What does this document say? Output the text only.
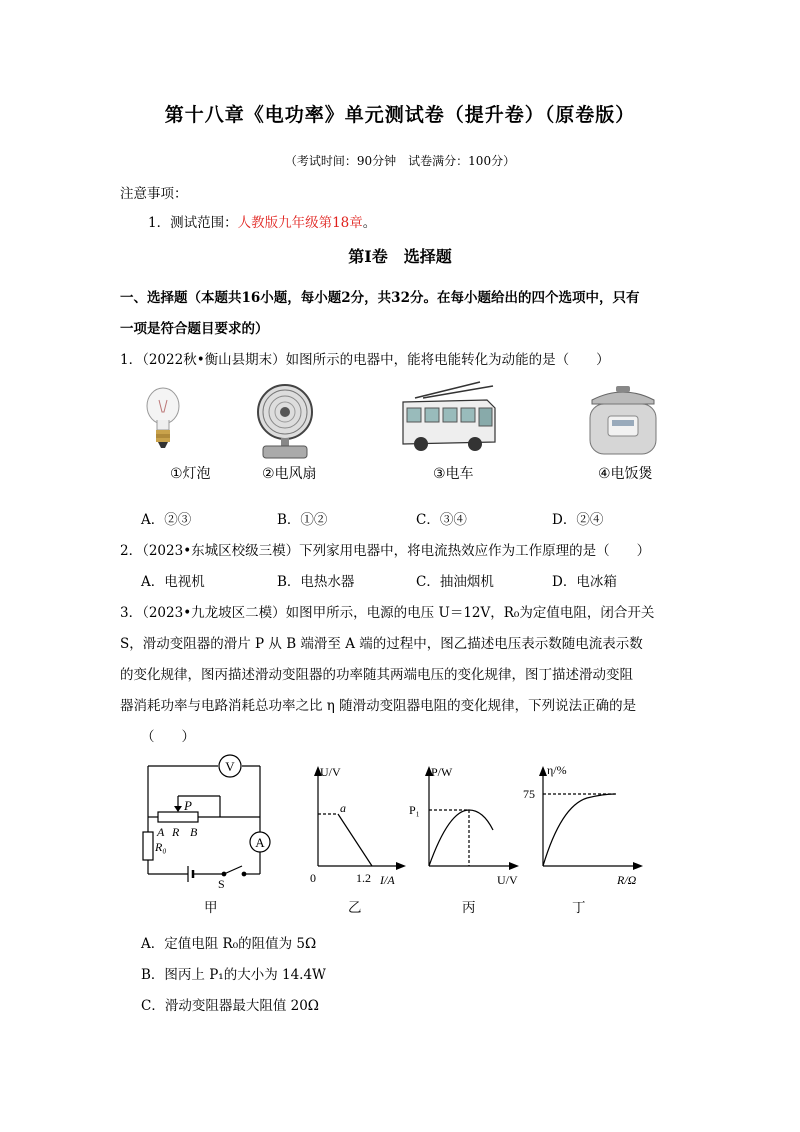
第十八章《电功率》单元测试卷（提升卷）（原卷版）
（考试时间：90分钟　试卷满分：100分）
注意事项：
1．测试范围：人教版九年级第18章。
第Ⅰ卷　选择题
一、选择题（本题共16小题，每小题2分，共32分。在每小题给出的四个选项中，只有
一项是符合题目要求的）
1．（2022秋•衡山县期末）如图所示的电器中，能将电能转化为动能的是（　　）
①灯泡	②电风扇	③电车	④电饭煲
A．②③	B．①②	C．③④	D．②④
2．（2023•东城区校级三模）下列家用电器中，将电流热效应作为工作原理的是（　　）
A．电视机	B．电热水器	C．抽油烟机	D．电冰箱
3．（2023•九龙坡区二模）如图甲所示，电源的电压 U＝12V，R₀为定值电阻，闭合开关
S，滑动变阻器的滑片 P 从 B 端滑至 A 端的过程中，图乙描述电压表示数随电流表示数
的变化规律，图丙描述滑动变阻器的功率随其两端电压的变化规律，图丁描述滑动变阻
器消耗功率与电路消耗总功率之比 η 随滑动变阻器电阻的变化规律，下列说法正确的是
（　　）
V
A
P
A R B
R₀
S
U/V
I/A
0	1.2
a
P/W
U/V
P₁
η/%
R/Ω
75
甲	乙	丙	丁
A．定值电阻 R₀的阻值为 5Ω
B．图丙上 P₁的大小为 14.4W
C．滑动变阻器最大阻值 20Ω
